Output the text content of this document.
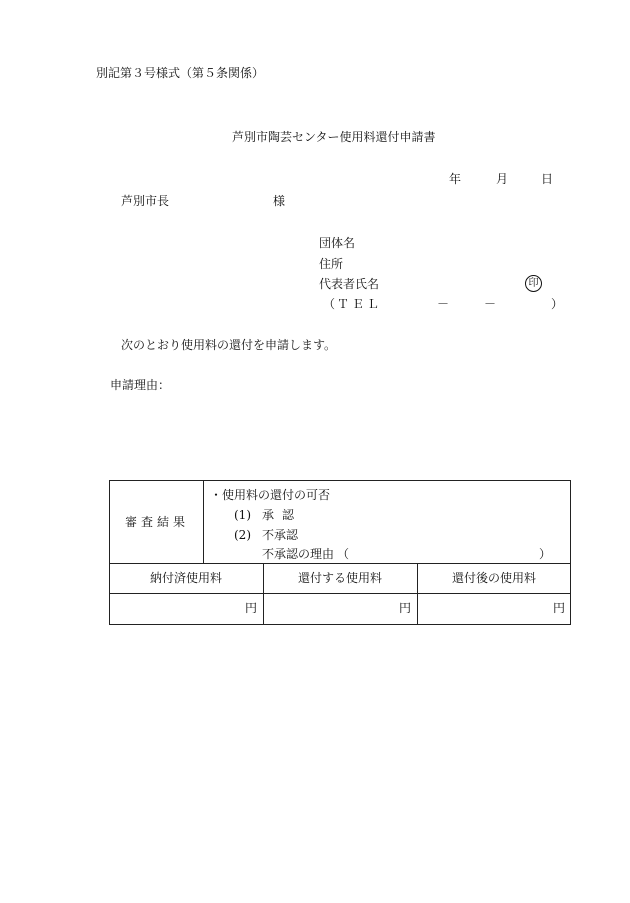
別記第３号様式（第５条関係）
芦別市陶芸センター使用料還付申請書
年	月	日
芦別市長	様
団体名
住所
代表者氏名	印
（ ＴＥＬ	－	－	）
次のとおり使用料の還付を申請します。
申請理由：
審査結果
・使用料の還付の可否
(1) 承認
(2) 不承認
不承認の理由 （	）
納付済使用料	還付する使用料	還付後の使用料
円	円	円
